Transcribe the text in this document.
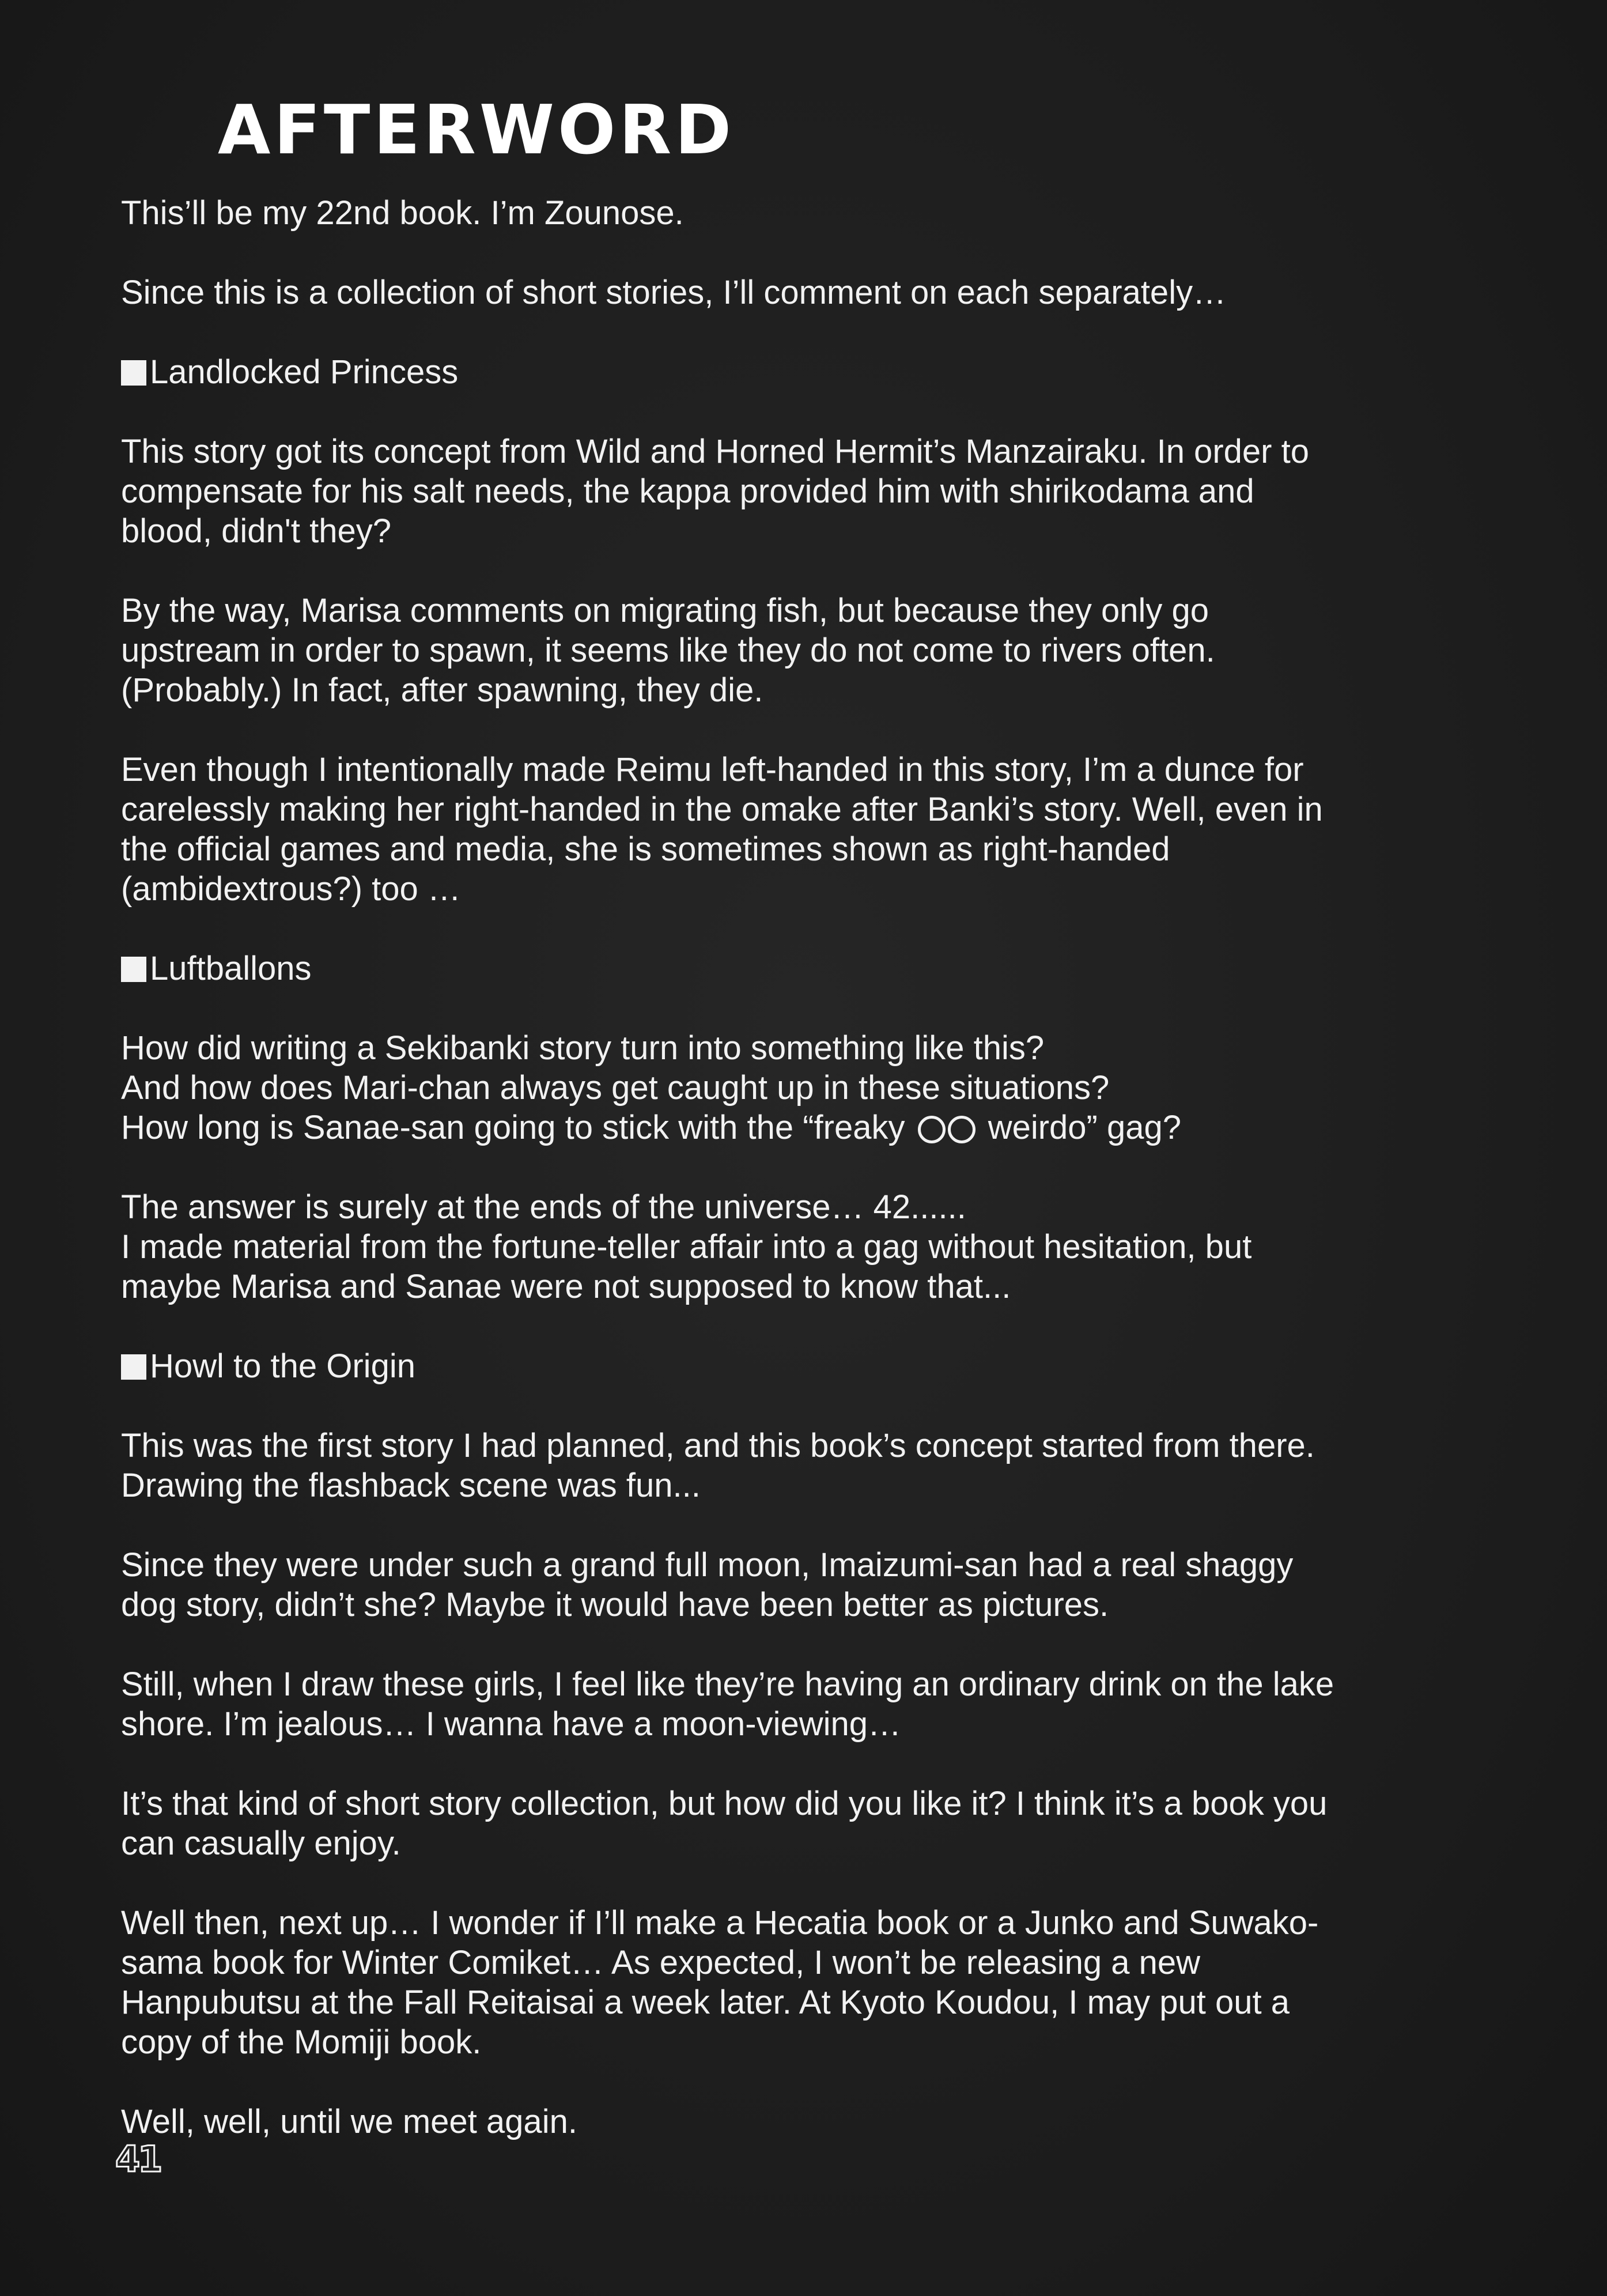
AFTERWORD
This’ll be my 22nd book. I’m Zounose.
Since this is a collection of short stories, I’ll comment on each separately…
Landlocked Princess
This story got its concept from Wild and Horned Hermit’s Manzairaku. In order to
compensate for his salt needs, the kappa provided him with shirikodama and
blood, didn't they?
By the way, Marisa comments on migrating fish, but because they only go
upstream in order to spawn, it seems like they do not come to rivers often.
(Probably.) In fact, after spawning, they die.
Even though I intentionally made Reimu left-handed in this story, I’m a dunce for
carelessly making her right-handed in the omake after Banki’s story. Well, even in
the official games and media, she is sometimes shown as right-handed
(ambidextrous?) too …
Luftballons
How did writing a Sekibanki story turn into something like this?
And how does Mari-chan always get caught up in these situations?
How long is Sanae-san going to stick with the “freaky  weirdo” gag?
The answer is surely at the ends of the universe… 42......
I made material from the fortune-teller affair into a gag without hesitation, but
maybe Marisa and Sanae were not supposed to know that...
Howl to the Origin
This was the first story I had planned, and this book’s concept started from there.
Drawing the flashback scene was fun...
Since they were under such a grand full moon, Imaizumi-san had a real shaggy
dog story, didn’t she? Maybe it would have been better as pictures.
Still, when I draw these girls, I feel like they’re having an ordinary drink on the lake
shore. I’m jealous… I wanna have a moon-viewing…
It’s that kind of short story collection, but how did you like it? I think it’s a book you
can casually enjoy.
Well then, next up… I wonder if I’ll make a Hecatia book or a Junko and Suwako-
sama book for Winter Comiket… As expected, I won’t be releasing a new
Hanpubutsu at the Fall Reitaisai a week later. At Kyoto Koudou, I may put out a
copy of the Momiji book.
Well, well, until we meet again.
41
